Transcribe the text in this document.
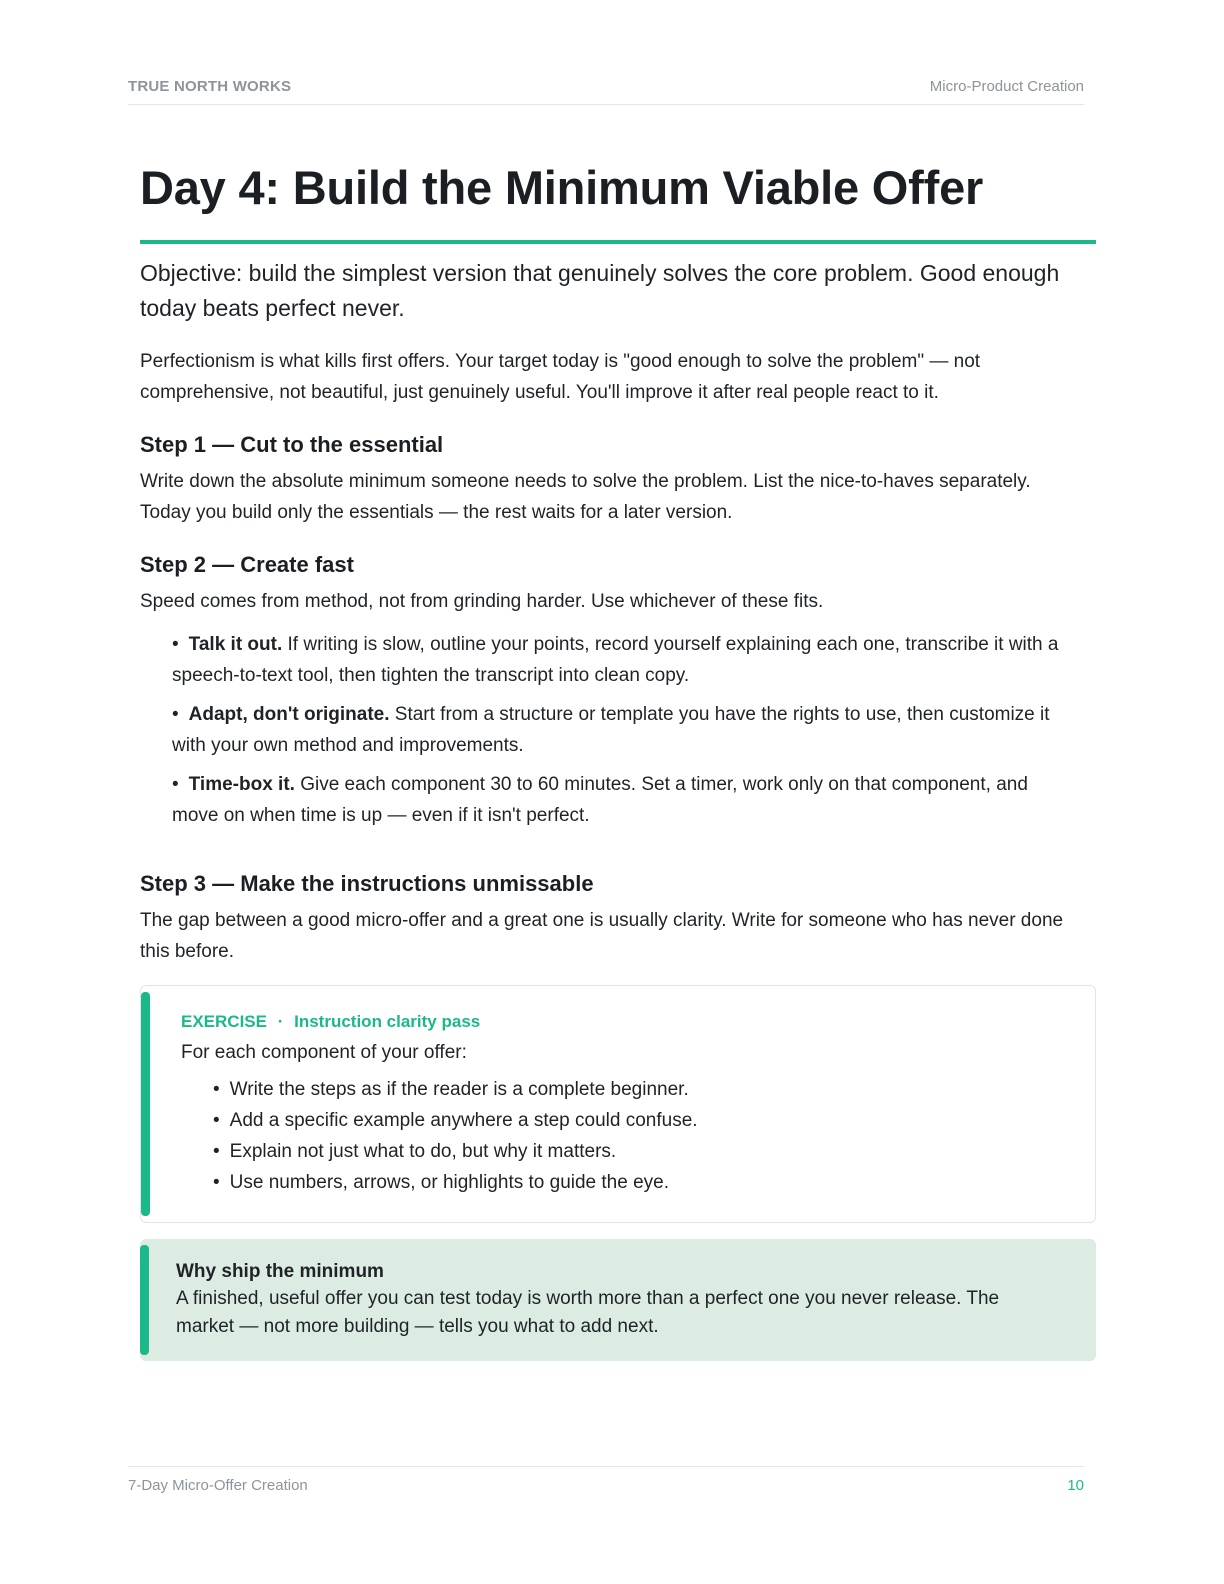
TRUE NORTH WORKS	Micro-Product Creation
Day 4: Build the Minimum Viable Offer

Objective: build the simplest version that genuinely solves the core problem. Good enough today beats perfect never.

Perfectionism is what kills first offers. Your target today is "good enough to solve the problem" — not comprehensive, not beautiful, just genuinely useful. You'll improve it after real people react to it.

Step 1 — Cut to the essential

Write down the absolute minimum someone needs to solve the problem. List the nice-to-haves separately. Today you build only the essentials — the rest waits for a later version.

Step 2 — Create fast

Speed comes from method, not from grinding harder. Use whichever of these fits.

• Talk it out. If writing is slow, outline your points, record yourself explaining each one, transcribe it with a speech-to-text tool, then tighten the transcript into clean copy.
• Adapt, don't originate. Start from a structure or template you have the rights to use, then customize it with your own method and improvements.
• Time-box it. Give each component 30 to 60 minutes. Set a timer, work only on that component, and move on when time is up — even if it isn't perfect.
Step 3 — Make the instructions unmissable

The gap between a good micro-offer and a great one is usually clarity. Write for someone who has never done this before.

EXERCISE · Instruction clarity pass
For each component of your offer:
• Write the steps as if the reader is a complete beginner.
• Add a specific example anywhere a step could confuse.
• Explain not just what to do, but why it matters.
• Use numbers, arrows, or highlights to guide the eye.
Why ship the minimum
A finished, useful offer you can test today is worth more than a perfect one you never release. The market — not more building — tells you what to add next.
7-Day Micro-Offer Creation	10
